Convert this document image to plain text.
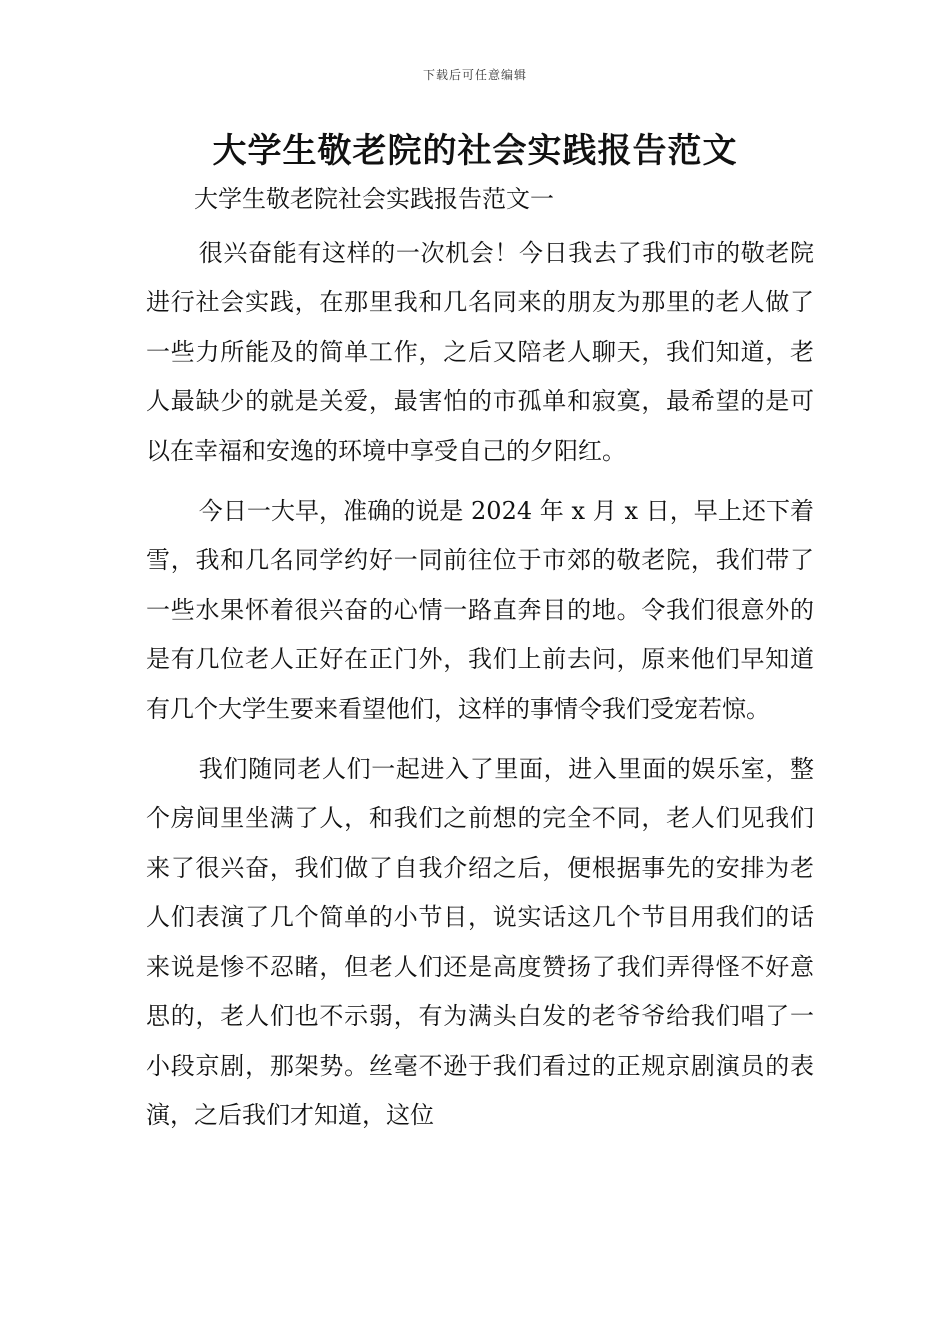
下载后可任意编辑
大学生敬老院的社会实践报告范文

大学生敬老院社会实践报告范文一

很兴奋能有这样的一次机会！今日我去了我们市的敬老院进行社会实践，在那里我和几名同来的朋友为那里的老人做了一些力所能及的简单工作，之后又陪老人聊天，我们知道，老人最缺少的就是关爱，最害怕的市孤单和寂寞，最希望的是可以在幸福和安逸的环境中享受自己的夕阳红。

今日一大早，准确的说是 2024 年 x 月 x 日，早上还下着雪，我和几名同学约好一同前往位于市郊的敬老院，我们带了一些水果怀着很兴奋的心情一路直奔目的地。令我们很意外的是有几位老人正好在正门外，我们上前去问，原来他们早知道有几个大学生要来看望他们，这样的事情令我们受宠若惊。

我们随同老人们一起进入了里面，进入里面的娱乐室，整个房间里坐满了人，和我们之前想的完全不同，老人们见我们来了很兴奋，我们做了自我介绍之后，便根据事先的安排为老人们表演了几个简单的小节目，说实话这几个节目用我们的话来说是惨不忍睹，但老人们还是高度赞扬了我们弄得怪不好意思的，老人们也不示弱，有为满头白发的老爷爷给我们唱了一小段京剧，那架势。丝毫不逊于我们看过的正规京剧演员的表演，之后我们才知道，这位
